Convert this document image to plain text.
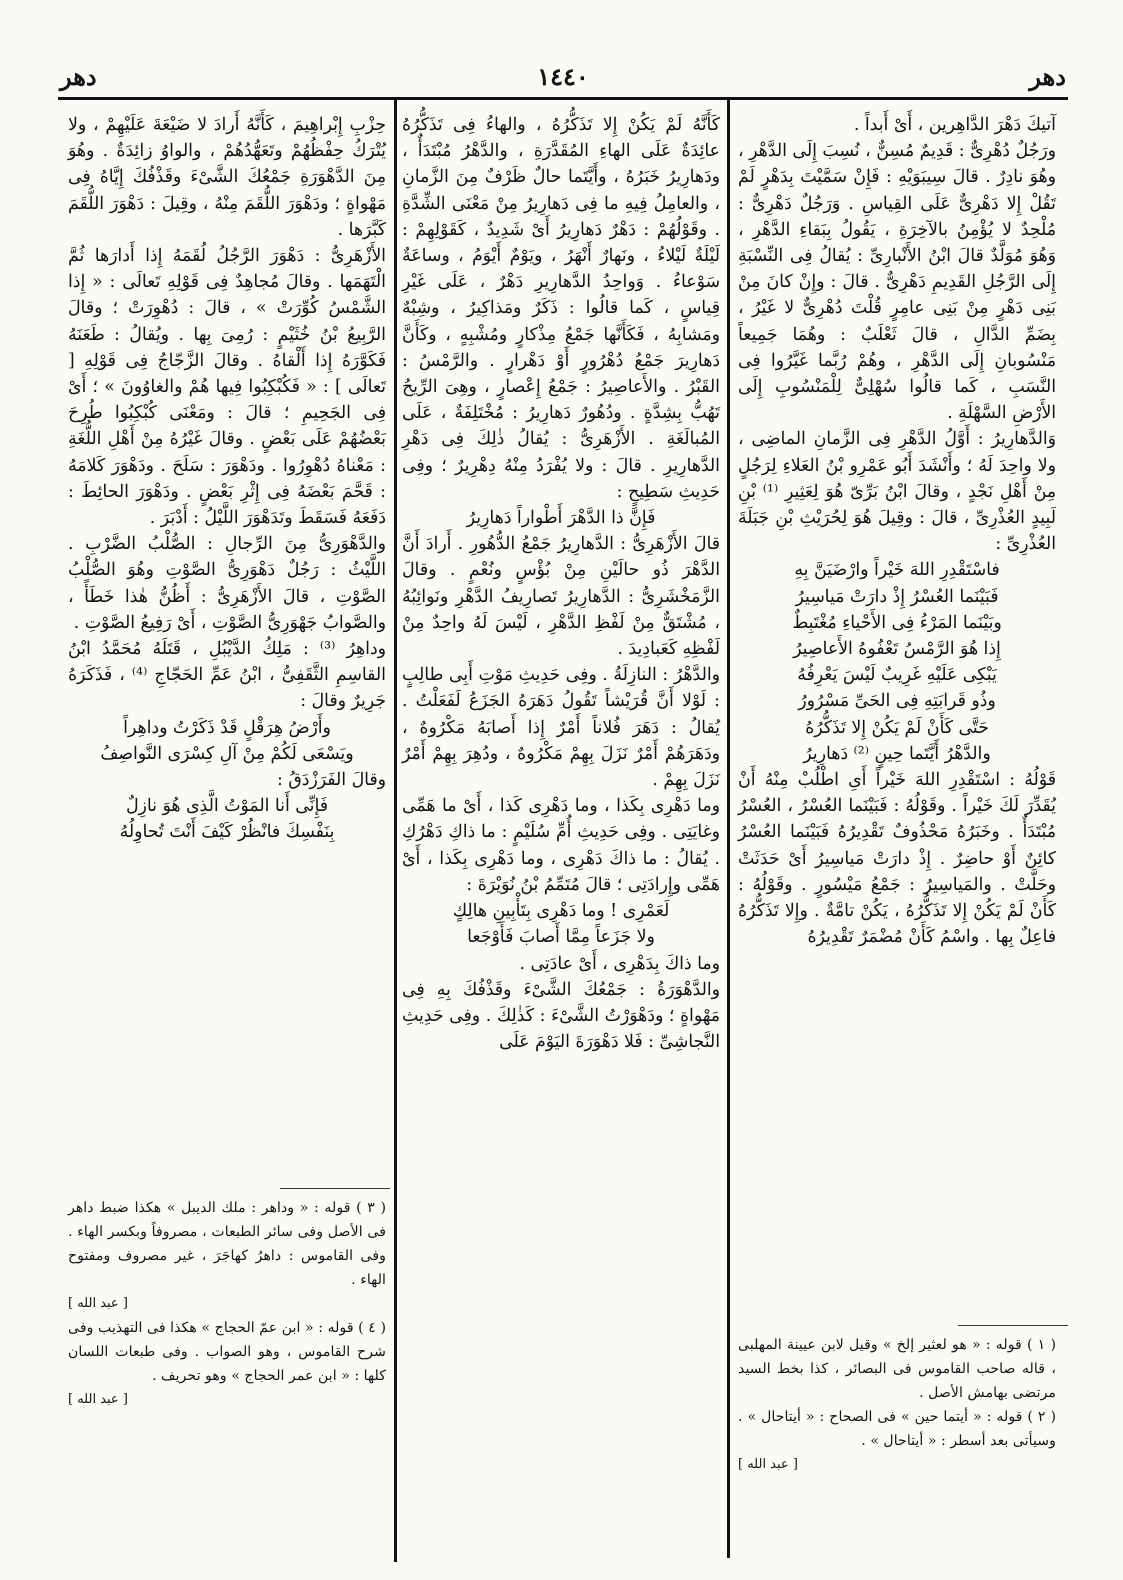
دهر
١٤٤٠
دهر

آتيكَ دَهْرَ الدَّاهِرين ، أَىْ أَبداً .

ورَجُلٌ دُهْرِىٌّ : قَدِيمٌ مُسِنٌّ ، نُسِبَ إِلَى الدَّهْرِ ، وهُوَ نادِرٌ . قالَ سِيبَوَيْهِ : فَإِنْ سَمَّيْتَ بِدَهْرٍ لَمْ تَقُلْ إِلا دَهْرِىٌّ عَلَى القِياسِ . وَرَجُلٌ دَهْرِىٌّ : مُلْحِدٌ لا يُؤْمِنُ بالآخِرَةِ ، يَقُولُ بِبَقاءِ الدَّهْرِ ، وَهُوَ مُوَلَّدٌ قالَ ابْنُ الأَنْبارِىِّ : يُقالُ فِى النِّسْبَةِ إِلَى الرَّجُلِ القَدِيمِ دَهْرِىٌّ . قالَ : وإِنْ كانَ مِنْ بَنِى دَهْرٍ مِنْ بَنِى عامِرٍ قُلْتَ دُهْرِىٌّ لا غَيْرُ ، بِضَمِّ الدَّالِ ، قالَ ثَعْلَبٌ : وهُمَا جَمِيعاً مَنْسُوبانِ إِلَى الدَّهْرِ ، وهُمْ رُبَّما غَيَّرُوا فِى النَّسَبِ ، كَما قالُوا سُهْلِىٌّ لِلْمَنْسُوبِ إِلَى الأَرْضِ السَّهْلَةِ .

وَالدَّهارِيرُ : أَوَّلُ الدَّهْرِ فِى الزَّمانِ الماضِى ، ولا واحِدَ لَهُ ؛ وأَنْشَدَ أَبُو عَمْرِو بْنُ العَلاءِ لِرَجُلٍ مِنْ أَهْلِ نَجْدٍ ، وقالَ ابْنُ بَرِّىّ هُوَ لِعَثِيرِ ⁽¹⁾ بْنِ لَبِيدٍ العُذْرِىِّ ، قالَ : وقِيلَ هُوَ لِحُرَيْثِ بْنِ جَبَلَةَ العُذْرِىِّ :

فاسْتَقْدِرِ اللهَ خَيْراً وارْضَيَنَّ بِهِ

فَبَيْنَما العُسْرُ إِذْ دارَتْ مَياسِيرُ

وبَيْنَما المَرْءُ فِى الأَحْياءِ مُغْتَبِطٌ

إِذا هُوَ الرَّمْسُ تَعْفُوهُ الأَعاصِيرُ

يَبْكِى عَلَيْهِ غَرِيبٌ لَيْسَ يَعْرِفُهُ

وذُو قَرابَتِهِ فِى الحَىِّ مَسْرُورُ

حَتَّى كَأَنْ لَمْ يَكُنْ إِلا تَذَكُّرُهُ

والدَّهْرُ أَيَّتَما حِينٍ ⁽²⁾ دَهارِيرُ

قَوْلُهُ : اسْتَقْدِرِ اللهَ خَيْراً أَىِ اطْلُبْ مِنْهُ أَنْ يُقَدِّرَ لَكَ خَيْراً . وقَوْلُهُ : فَبَيْنَما العُسْرُ ، العُسْرُ مُبْتَدَأٌ . وخَبَرُهُ مَحْذُوفٌ تَقْدِيرُهُ فَبَيْنَما العُسْرُ كائِنٌ أَوْ حاضِرٌ . إِذْ دارَتْ مَياسِيرُ أَىْ حَدَثَتْ وحَلَّتْ . والمَياسِيرُ : جَمْعُ مَيْسُورٍ . وقَوْلُهُ : كَأَنْ لَمْ يَكُنْ إِلا تَذَكُّرُهُ ، يَكُنْ تامَّةٌ . وإِلا تَذَكُّرُهُ فاعِلٌ بِها . واسْمُ كَأَنْ مُضْمَرٌ تَقْدِيرُهُ

كَأَنَّهُ لَمْ يَكُنْ إِلا تَذَكُّرُهُ ، والهاءُ فِى تَذَكُّرُهُ عائِدَةٌ عَلَى الهاءِ المُقَدَّرَةِ ، والدَّهْرُ مُبْتَدَأٌ ، ودَهارِيرُ خَبَرُهُ ، وأَيَّتَما حالٌ ظَرْفٌ مِنَ الزَّمانِ ، والعامِلُ فِيهِ ما فِى دَهارِيرُ مِنْ مَعْنَى الشِّدَّةِ . وقَوْلُهُمْ : دَهْرٌ دَهارِيرُ أَىْ شَدِيدٌ ، كَقَوْلِهِمْ : لَيْلَةٌ لَيْلاءُ ، ونَهارٌ أَنْهَرُ ، ويَوْمٌ أَيْوَمُ ، وساعَةٌ سَوْعاءُ . وَواحِدُ الدَّهارِيرِ دَهْرٌ ، عَلَى غَيْرِ قِياسٍ ، كَما قالُوا : ذَكَرٌ ومَذاكِيرُ ، وشِبْهٌ ومَشابِهُ ، فَكَأَنَّها جَمْعُ مِذْكارٍ ومُشْبِهٍ ، وكَأَنَّ دَهارِيرَ جَمْعُ دُهْرُورٍ أَوْ دَهْرارٍ . والرَّمْسُ : القَبْرُ . والأَعاصِيرُ : جَمْعُ إِعْصارٍ ، وهِىَ الرِّيحُ تَهُبُّ بِشِدَّةٍ . ودُهُورٌ دَهارِيرُ : مُخْتَلِفَةٌ ، عَلَى المُبالَغَةِ . الأَزْهَرِىُّ : يُقالُ ذٰلِكَ فِى دَهْرِ الدَّهارِيرِ . قالَ : ولا يُفْرَدُ مِنْهُ دِهْرِيرٌ ؛ وفِى حَدِيثِ سَطِيحٍ :

فَإِنَّ ذا الدَّهْرَ أَطْواراً دَهارِيرُ

قالَ الأَزْهَرِىُّ : الدَّهارِيرُ جَمْعُ الدُّهُورِ . أَرادَ أَنَّ الدَّهْرَ ذُو حالَيْنِ مِنْ بُؤْسٍ ونُعْمٍ . وقالَ الزَّمَخْشَرِىُّ : الدَّهارِيرُ تَصارِيفُ الدَّهْرِ ونَوائِبُهُ ، مُشْتَقٌّ مِنْ لَفْظِ الدَّهْرِ ، لَيْسَ لَهُ واحِدٌ مِنْ لَفْظِهِ كَعَبادِيدَ .

والدَّهْرُ : النازِلَةُ . وفِى حَدِيثِ مَوْتِ أَبِى طالِبٍ : لَوْلا أَنَّ قُرَيْشاً تَقُولُ دَهَرَهُ الجَزَعُ لَفَعَلْتُ . يُقالُ : دَهَرَ فُلاناً أَمْرٌ إِذا أَصابَهُ مَكْرُوهٌ ، ودَهَرَهُمْ أَمْرٌ نَزَلَ بِهِمْ مَكْرُوهٌ ، ودُهِرَ بِهِمْ أَمْرٌ نَزَلَ بِهِمْ .

وما دَهْرِى بِكَذا ، وما دَهْرِى كَذا ، أَىْ ما هَمِّى وغايَتِى . وفِى حَدِيثِ أُمِّ سُلَيْمٍ : ما ذاكِ دَهْرُكِ . يُقالُ : ما ذاكَ دَهْرِى ، وما دَهْرِى بِكَذا ، أَىْ هَمِّى وإِرادَتِى ؛ قالَ مُتَمِّمُ بْنُ نُوَيْرَةَ :

لَعَمْرِى ! وما دَهْرِى بِتَأْبِينِ هالِكٍ

ولا جَزَعاً مِمَّا أَصابَ فَأَوْجَعا

وما ذاكَ بِدَهْرِى ، أَىْ عادَتِى .

والدَّهْوَرَةُ : جَمْعُكَ الشَّىْءَ وقَذْفُكَ بِهِ فِى مَهْواةٍ ؛ ودَهْوَرْتُ الشَّىْءَ : كَذٰلِكَ . وفِى حَدِيثِ النَّجاشِىِّ : فَلا دَهْوَرَةَ اليَوْمَ عَلَى

حِزْبِ إِبْراهِيمَ ، كَأَنَّهُ أَرادَ لا ضَيْعَةَ عَلَيْهِمْ ، ولا يُتْرَكُ حِفْظُهُمْ وتَعَهُّدُهُمْ ، والواوُ زائِدَةٌ . وهُوَ مِنَ الدَّهْوَرَةِ جَمْعُكَ الشَّىْءَ وقَذْفُكَ إِيَّاهُ فِى مَهْواةٍ ؛ ودَهْوَرَ اللُّقَمَ مِنْهُ ، وقِيلَ : دَهْوَرَ اللُّقَمَ كَبَّرَها .

الأَزْهَرِىُّ : دَهْوَرَ الرَّجُلُ لُقَمَهُ إِذا أَدارَها ثُمَّ الْتَهَمَها . وقالَ مُجاهِدٌ فِى قَوْلِهِ تَعالَى : « إِذا الشَّمْسُ كُوِّرَتْ » ، قالَ : دُهْوِرَتْ ؛ وقالَ الرَّبِيعُ بْنُ خُثَيْمٍ : رُمِىَ بِها . ويُقالُ : طَعَنَهُ فَكَوَّرَهُ إِذا أَلْقاهُ . وقالَ الزَّجّاجُ فِى قَوْلِهِ [ تَعالَى ] : « فَكُبْكِبُوا فِيها هُمْ والغاوُونَ » ؛ أَىْ فِى الجَحِيمِ ؛ قالَ : ومَعْنَى كُبْكِبُوا طُرِحَ بَعْضُهُمْ عَلَى بَعْضٍ . وقالَ غَيْرُهُ مِنْ أَهْلِ اللُّغَةِ : مَعْناهُ دُهْوِرُوا . ودَهْوَرَ : سَلَحَ . ودَهْوَرَ كَلامَهُ : قَحَّمَ بَعْضَهُ فِى إِثْرِ بَعْضٍ . ودَهْوَرَ الحائِطَ : دَفَعَهُ فَسَقَطَ وتَدَهْوَرَ اللَّيْلُ : أَدْبَرَ .

والدَّهْوَرِىُّ مِنَ الرِّجالِ : الصُّلْبُ الضَّرْبِ . اللَّيْثُ : رَجُلٌ دَهْوَرِىُّ الصَّوْتِ وهُوَ الصُّلْبُ الصَّوْتِ ، قالَ الأَزْهَرِىُّ : أَظُنُّ هٰذا خَطَأً ، والصَّوابُ جَهْوَرِىُّ الصَّوْتِ ، أَىْ رَفِيعُ الصَّوْتِ .

وداهِرُ ⁽³⁾ : مَلِكُ الدَّيْبُلِ ، قَتَلَهُ مُحَمَّدُ ابْنُ القاسِمِ الثَّقَفِىُّ ، ابْنُ عَمِّ الحَجّاجِ ⁽⁴⁾ ، فَذَكَرَهُ جَرِيرٌ وقالَ :

وأَرْضُ هِرَقْلٍ قَدْ ذَكَرْتُ وداهِراً

ويَسْعَى لَكُمْ مِنْ آلِ كِسْرَى النَّواصِفُ

وقالَ الفَرَزْدَقُ :

فَإِنِّى أَنا المَوْتُ الَّذِى هُوَ نازِلٌ

بِنَفْسِكَ فانْظُرْ كَيْفَ أَنْتَ تُحاوِلُهُ

( ١ ) قوله : « هو لعثير إلخ » وقيل لابن عيينة المهلبى ، قاله صاحب القاموس فى البصائر ، كذا بخط السيد مرتضى بهامش الأصل .

( ٢ ) قوله : « أيتما حين » فى الصحاح : « أيتاحال » . وسيأتى بعد أسطر : « أيتاحال » .

[ عبد الله ]

( ٣ ) قوله : « وداهر : ملك الديبل » هكذا ضبط داهر فى الأصل وفى سائر الطبعات ، مصروفاً وبكسر الهاء . وفى القاموس : داهرُ كهاجَرَ ، غير مصروف ومفتوح الهاء .

[ عبد الله ]

( ٤ ) قوله : « ابن عمّ الحجاج » هكذا فى التهذيب وفى شرح القاموس ، وهو الصواب . وفى طبعات اللسان كلها : « ابن عمر الحجاج » وهو تحريف .

[ عبد الله ]
